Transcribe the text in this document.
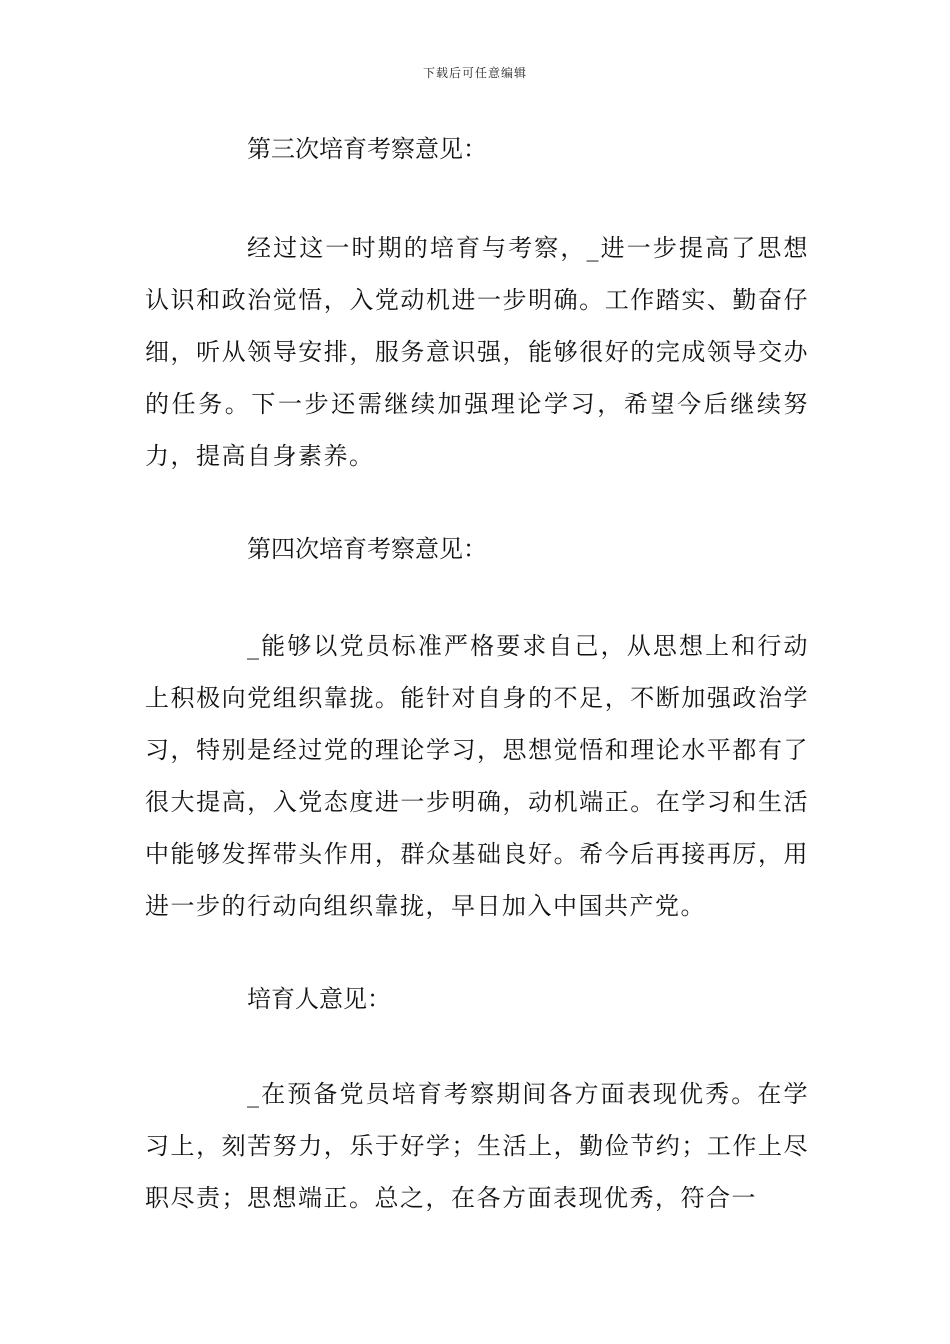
下载后可任意编辑
第三次培育考察意见：

经过这一时期的培育与考察，_进一步提高了思想认识和政治觉悟，入党动机进一步明确。工作踏实、勤奋仔细，听从领导安排，服务意识强，能够很好的完成领导交办的任务。下一步还需继续加强理论学习，希望今后继续努力，提高自身素养。

第四次培育考察意见：

_能够以党员标准严格要求自己，从思想上和行动上积极向党组织靠拢。能针对自身的不足，不断加强政治学习，特别是经过党的理论学习，思想觉悟和理论水平都有了很大提高，入党态度进一步明确，动机端正。在学习和生活中能够发挥带头作用，群众基础良好。希今后再接再厉，用进一步的行动向组织靠拢，早日加入中国共产党。

培育人意见：

_在预备党员培育考察期间各方面表现优秀。在学习上，刻苦努力，乐于好学；生活上，勤俭节约；工作上尽职尽责；思想端正。总之，在各方面表现优秀，符合一
